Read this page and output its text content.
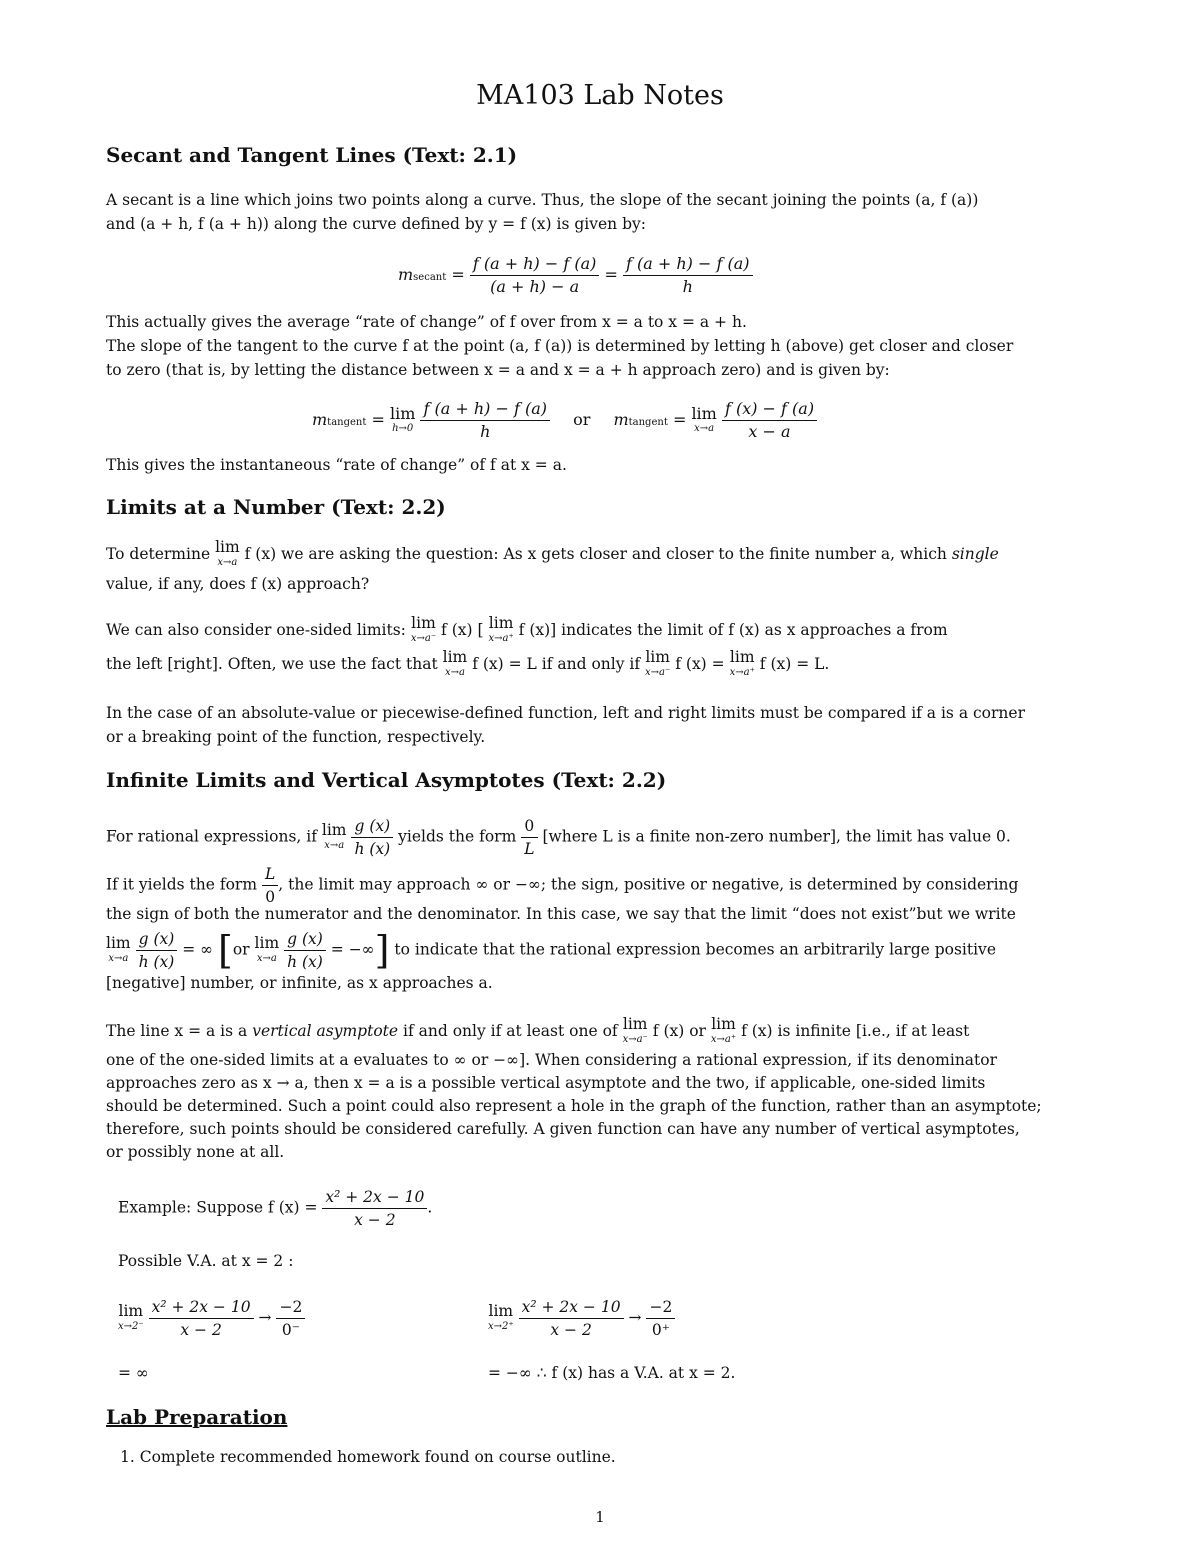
MA103 Lab Notes
Secant and Tangent Lines (Text: 2.1)
A secant is a line which joins two points along a curve. Thus, the slope of the secant joining the points (a, f (a))
and (a + h, f (a + h)) along the curve defined by y = f (x) is given by:
msecant = $\frac{f (a + h) - f (a)}{(a + h) - a} = \frac{f (a + h) - f (a)}{h}$
This actually gives the average “rate of change” of f over from x = a to x = a + h.
The slope of the tangent to the curve f at the point (a, f (a)) is determined by letting h (above) get closer and closer
to zero (that is, by letting the distance between x = a and x = a + h approach zero) and is given by:
mtangent = lim
h→0
$\frac{f (a + h) - f (a)}{h}$ or mtangent = lim
x→a
$\frac{f (x) - f (a)}{x - a}$
This gives the instantaneous “rate of change” of f at x = a.
Limits at a Number (Text: 2.2)
To determine lim
x→a f (x) we are asking the question: As x gets closer and closer to the finite number a, which single
value, if any, does f (x) approach?
We can also consider one-sided limits: lim
x→a⁻ f (x) [ lim
x→a⁺ f (x)] indicates the limit of f (x) as x approaches a from
the left [right]. Often, we use the fact that lim
x→a f (x) = L if and only if lim
x→a⁻ f (x) = lim
x→a⁺ f (x) = L.
In the case of an absolute-value or piecewise-defined function, left and right limits must be compared if a is a corner
or a breaking point of the function, respectively.
Infinite Limits and Vertical Asymptotes (Text: 2.2)
For rational expressions, if lim
x→a
$\frac{g (x)}{h (x)}$ yields the form $\frac{0}{L}$ [where L is a finite non-zero number], the limit has value 0.
If it yields the form $\frac{L}{0}$ , the limit may approach ∞ or −∞; the sign, positive or negative, is determined by considering
the sign of both the numerator and the denominator. In this case, we say that the limit “does not exist”but we write
lim
x→a
$\frac{g (x)}{h (x)}$ = ∞ [or lim
x→a
$\frac{g (x)}{h (x)}$ = −∞] to indicate that the rational expression becomes an arbitrarily large positive
[negative] number, or infinite, as x approaches a.
The line x = a is a vertical asymptote if and only if at least one of lim
x→a⁻ f (x) or lim
x→a⁺ f (x) is infinite [i.e., if at least
one of the one-sided limits at a evaluates to ∞ or −∞]. When considering a rational expression, if its denominator
approaches zero as x → a, then x = a is a possible vertical asymptote and the two, if applicable, one-sided limits
should be determined. Such a point could also represent a hole in the graph of the function, rather than an asymptote;
therefore, such points should be considered carefully. A given function can have any number of vertical asymptotes,
or possibly none at all.
Example: Suppose f $(x) = \frac{\text{x² + 2x − 10}}{x - 2}$ .
Possible V.A. at x = 2 :
lim
x→2⁻
$\frac{\text{x² + 2x − 10}}{x - 2} \to \frac{-2}{0^-}$	lim
x→2⁺
$\frac{\text{x² + 2x − 10}}{x - 2} \to \frac{-2}{0^+}$
= ∞	= −∞ ∴ f (x) has a V.A. at x = 2.
Lab Preparation
1. Complete recommended homework found on course outline.
1
